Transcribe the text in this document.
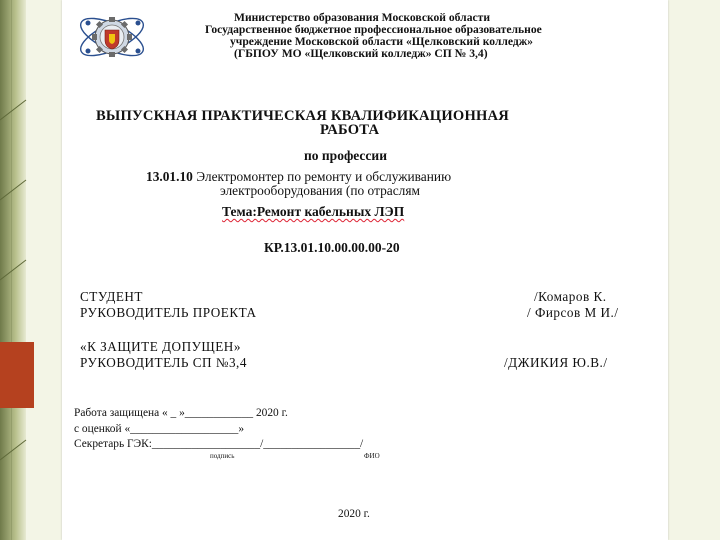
Министерство образования Московской области
Государственное бюджетное профессиональное образовательное
учреждение Московской области «Щелковский колледж»
(ГБПОУ МО «Щелковский колледж» СП № 3,4)
ВЫПУСКНАЯ ПРАКТИЧЕСКАЯ КВАЛИФИКАЦИОННАЯ
РАБОТА
по профессии
13.01.10 Электромонтер по ремонту и обслуживанию
электрооборудования (по отраслям
Тема:Ремонт кабельных ЛЭП
КР.13.01.10.00.00.00-20
СТУДЕНТ	/Комаров К.
РУКОВОДИТЕЛЬ ПРОЕКТА	/ Фирсов М И./
«К ЗАЩИТЕ ДОПУЩЕН»
РУКОВОДИТЕЛЬ СП №3,4	/ДЖИКИЯ Ю.В./
Работа защищена « _ »____________ 2020 г.
с оценкой «___________________»
Секретарь ГЭК:___________________/_________________/
подпись	ФИО
2020 г.
